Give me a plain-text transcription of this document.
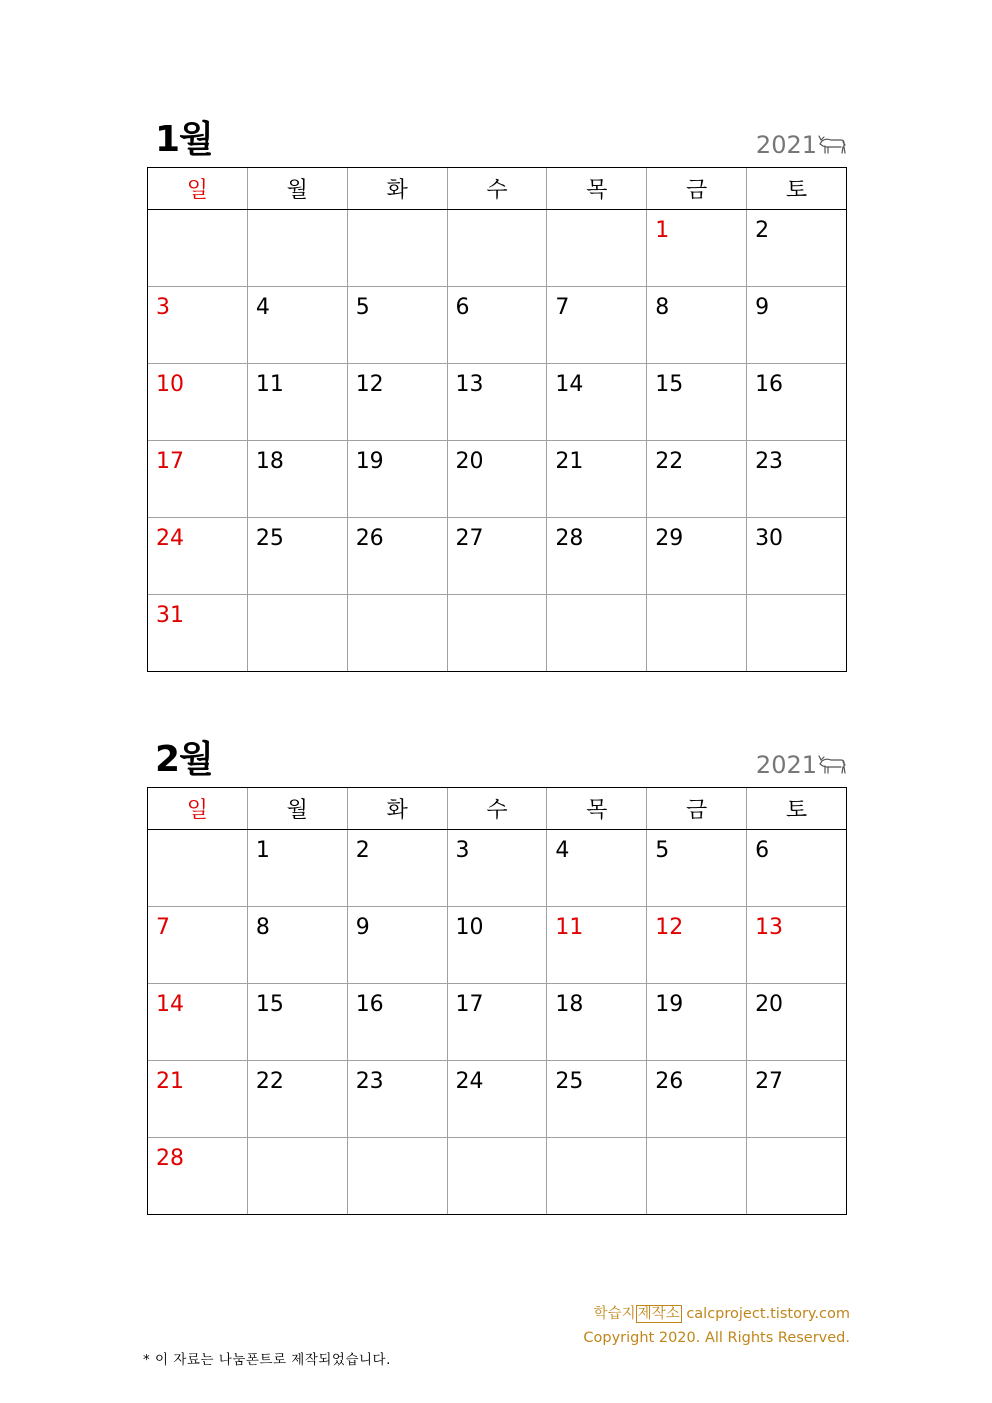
1월	2021
일	월	화	수	목	금	토

					1	2

3	4	5	6	7	8	9

10	11	12	13	14	15	16

17	18	19	20	21	22	23

24	25	26	27	28	29	30

31						

2월	2021
일	월	화	수	목	금	토

	1	2	3	4	5	6

7	8	9	10	11	12	13

14	15	16	17	18	19	20

21	22	23	24	25	26	27

28						

학습지 제작소 calcproject.tistory.com
Copyright 2020. All Rights Reserved.
* 이 자료는 나눔폰트로 제작되었습니다.
